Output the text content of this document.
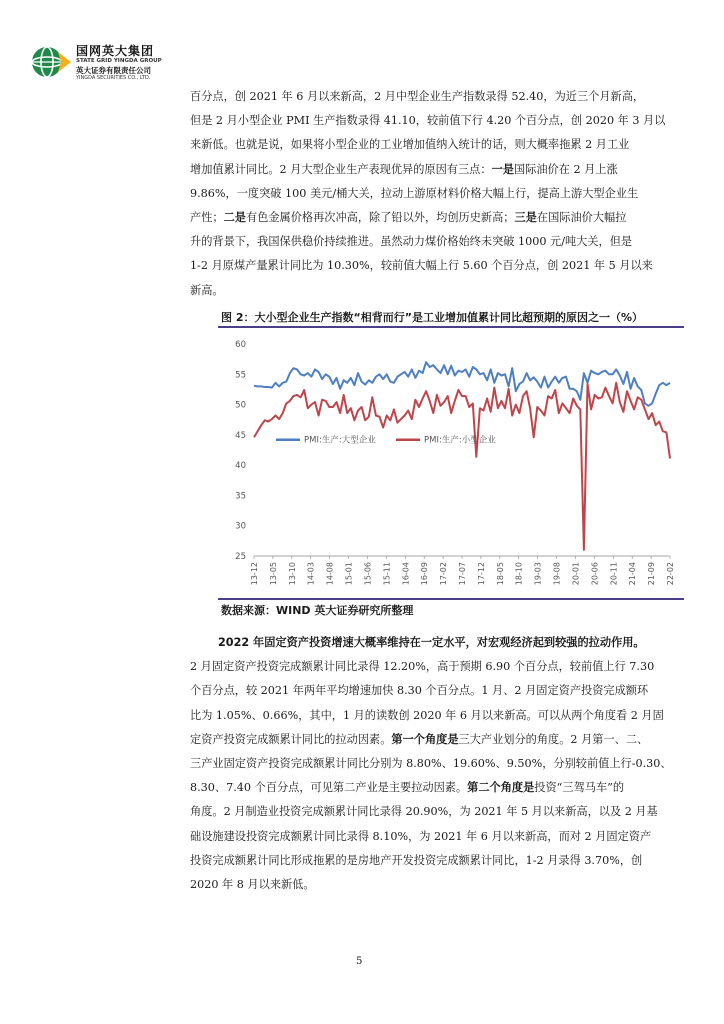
国网英大集团
STATE GRID YINGDA GROUP
英大证券有限责任公司
YINGDA SECURITIES CO., LTD.
百分点，创 2021 年 6 月以来新高，2 月中型企业生产指数录得 52.40，为近三个月新高，
但是 2 月小型企业 PMI 生产指数录得 41.10，较前值下行 4.20 个百分点，创 2020 年 3 月以
来新低。也就是说，如果将小型企业的工业增加值纳入统计的话，则大概率拖累 2 月工业
增加值累计同比。2 月大型企业生产表现优异的原因有三点：一是国际油价在 2 月上涨
9.86%，一度突破 100 美元/桶大关，拉动上游原材料价格大幅上行，提高上游大型企业生
产性；二是有色金属价格再次冲高，除了铅以外，均创历史新高；三是在国际油价大幅拉
升的背景下，我国保供稳价持续推进。虽然动力煤价格始终未突破 1000 元/吨大关，但是
1-2 月原煤产量累计同比为 10.30%，较前值大幅上行 5.60 个百分点，创 2021 年 5 月以来
新高。
图 2：大小型企业生产指数“相背而行”是工业增加值累计同比超预期的原因之一（%）
25
30
35
40
45
50
55
60
13-12 13-05 13-10 14-03 14-08 15-01 15-06 15-11 16-04 16-09 17-02 17-07 17-12 18-05 18-10 19-03 19-08 20-01 20-06 20-11 21-04 21-09 22-02
PMI:生产:大型企业	PMI:生产:小型企业
数据来源：WIND 英大证券研究所整理
2022 年固定资产投资增速大概率维持在一定水平，对宏观经济起到较强的拉动作用。
2 月固定资产投资完成额累计同比录得 12.20%，高于预期 6.90 个百分点，较前值上行 7.30
个百分点，较 2021 年两年平均增速加快 8.30 个百分点。1 月、2 月固定资产投资完成额环
比为 1.05%、0.66%，其中，1 月的读数创 2020 年 6 月以来新高。可以从两个角度看 2 月固
定资产投资完成额累计同比的拉动因素。第一个角度是三大产业划分的角度。2 月第一、二、
三产业固定资产投资完成额累计同比分别为 8.80%、19.60%、9.50%，分别较前值上行-0.30、
8.30、7.40 个百分点，可见第二产业是主要拉动因素。第二个角度是投资“三驾马车”的
角度。2 月制造业投资完成额累计同比录得 20.90%，为 2021 年 5 月以来新高，以及 2 月基
础设施建设投资完成额累计同比录得 8.10%，为 2021 年 6 月以来新高，而对 2 月固定资产
投资完成额累计同比形成拖累的是房地产开发投资完成额累计同比，1-2 月录得 3.70%，创
2020 年 8 月以来新低。
5
